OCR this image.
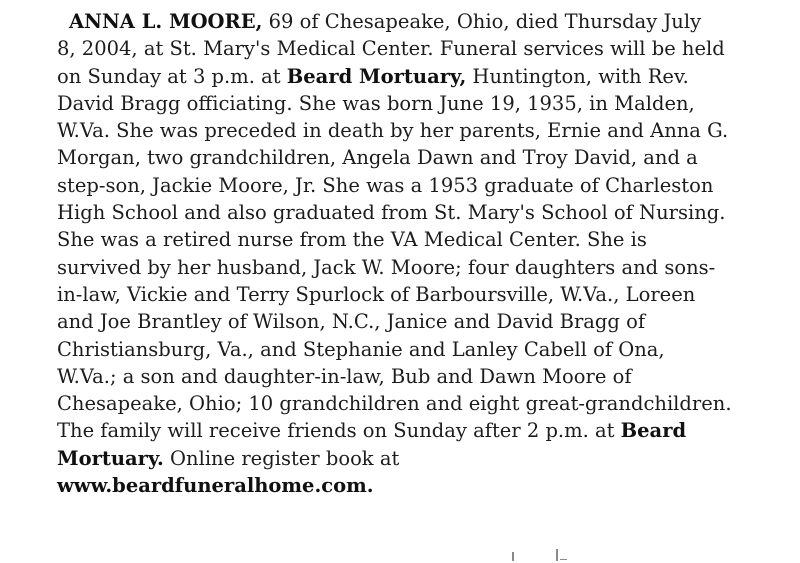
ANNA L. MOORE, 69 of Chesapeake, Ohio, died Thursday July
8, 2004, at St. Mary's Medical Center. Funeral services will be held
on Sunday at 3 p.m. at Beard Mortuary, Huntington, with Rev.
David Bragg officiating. She was born June 19, 1935, in Malden,
W.Va. She was preceded in death by her parents, Ernie and Anna G.
Morgan, two grandchildren, Angela Dawn and Troy David, and a
step-son, Jackie Moore, Jr. She was a 1953 graduate of Charleston
High School and also graduated from St. Mary's School of Nursing.
She was a retired nurse from the VA Medical Center. She is
survived by her husband, Jack W. Moore; four daughters and sons-
in-law, Vickie and Terry Spurlock of Barboursville, W.Va., Loreen
and Joe Brantley of Wilson, N.C., Janice and David Bragg of
Christiansburg, Va., and Stephanie and Lanley Cabell of Ona,
W.Va.; a son and daughter-in-law, Bub and Dawn Moore of
Chesapeake, Ohio; 10 grandchildren and eight great-grandchildren.
The family will receive friends on Sunday after 2 p.m. at Beard
Mortuary. Online register book at
www.beardfuneralhome.com.
